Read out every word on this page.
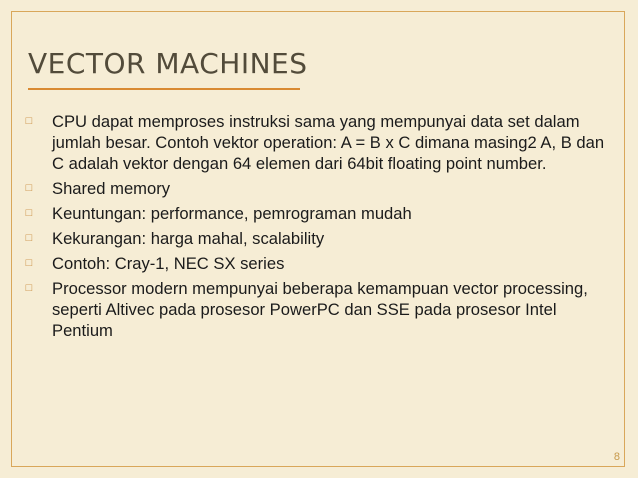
VECTOR MACHINES
□ CPU dapat memproses instruksi sama yang mempunyai data set dalam jumlah besar. Contoh vektor operation: A = B x C dimana masing2 A, B dan C adalah vektor dengan 64 elemen dari 64bit floating point number.
□ Shared memory
□ Keuntungan: performance, pemrograman mudah
□ Kekurangan: harga mahal, scalability
□ Contoh: Cray-1, NEC SX series
□ Processor modern mempunyai beberapa kemampuan vector processing, seperti Altivec pada prosesor PowerPC dan SSE pada prosesor Intel Pentium
8
